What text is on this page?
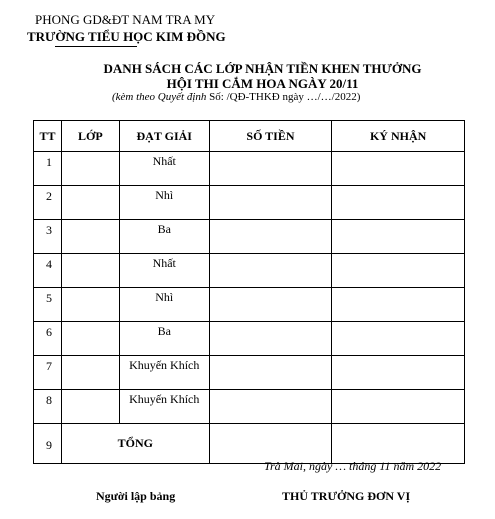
PHONG GD&ĐT NAM TRA MY
TRƯỜNG TIỂU HỌC KIM ĐỒNG
DANH SÁCH CÁC LỚP NHẬN TIỀN KHEN THƯỞNG
HỘI THI CẮM HOA NGÀY 20/11
(kèm theo Quyết định Số: /QĐ-THKĐ ngày …/…/2022)
TT	LỚP	ĐẠT GIẢI	SỐ TIỀN	KÝ NHẬN
1		Nhất		
2		Nhì		
3		Ba		
4		Nhất		
5		Nhì		
6		Ba		
7		Khuyến Khích		
8		Khuyến Khích		
9	TỔNG			
Trà Mai, ngày … tháng 11 năm 2022
Người lập bảng	THỦ TRƯỞNG ĐƠN VỊ
